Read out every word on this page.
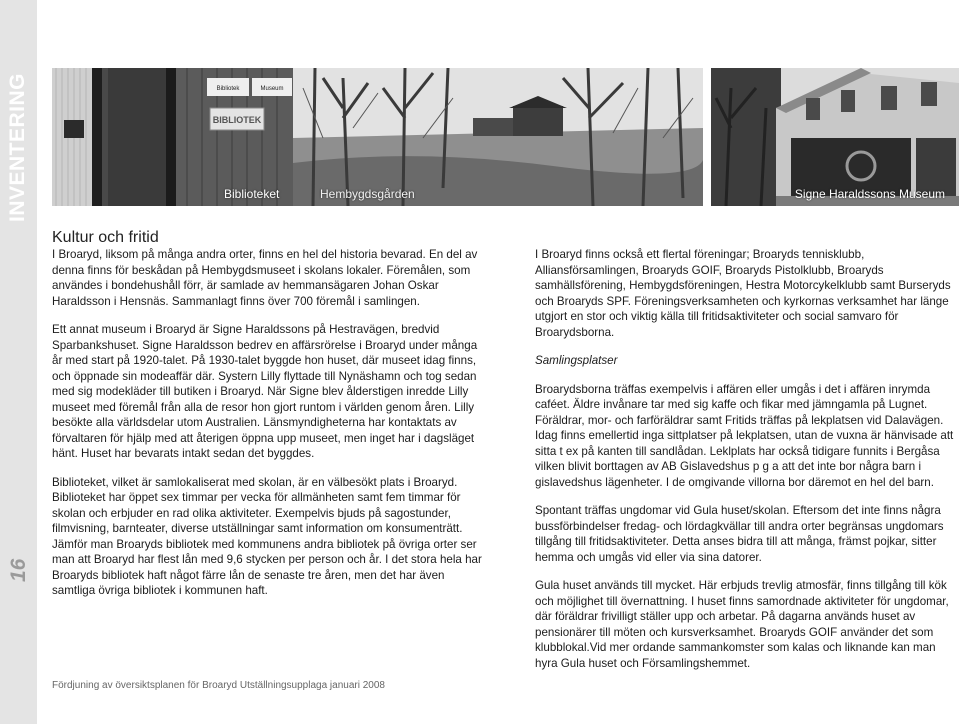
INVENTERING
16
Bibliotek	Museum
BIBLIOTEK
Biblioteket	Hembygdsgården	Signe Haraldssons Museum
Kultur och fritid

I Broaryd, liksom på många andra orter, finns en hel del historia bevarad. En del av denna finns för beskådan på Hembygdsmuseet i skolans lokaler. Föremålen, som användes i bondehushåll förr, är samlade av hemmansägaren Johan Oskar Haraldsson i Hensnäs. Sammanlagt finns över 700 föremål i samlingen.

Ett annat museum i Broaryd är Signe Haraldssons på Hestravägen, bredvid Sparbankshuset. Signe Haraldsson bedrev en affärsrörelse i Broaryd under många år med start på 1920-talet. På 1930-talet byggde hon huset, där museet idag finns, och öppnade sin modeaffär där. Systern Lilly flyttade till Nynäshamn och tog sedan med sig modekläder till butiken i Broaryd. När Signe blev ålderstigen inredde Lilly museet med föremål från alla de resor hon gjort runtom i världen genom åren. Lilly besökte alla världsdelar utom Australien. Länsmyndigheterna har kontaktats av förvaltaren för hjälp med att återigen öppna upp museet, men inget har i dagsläget hänt. Huset har bevarats intakt sedan det byggdes.

Biblioteket, vilket är samlokaliserat med skolan, är en välbesökt plats i Broaryd. Biblioteket har öppet sex timmar per vecka för allmänheten samt fem timmar för skolan och erbjuder en rad olika aktiviteter. Exempelvis bjuds på sagostunder, filmvisning, barnteater, diverse utställningar samt information om konsumenträtt. Jämför man Broaryds bibliotek med kommunens andra bibliotek på övriga orter ser man att Broaryd har flest lån med 9,6 stycken per person och år. I det stora hela har Broaryds bibliotek haft något färre lån de senaste tre åren, men det har även samtliga övriga bibliotek i kommunen haft.

I Broaryd finns också ett flertal föreningar; Broaryds tennisklubb, Alliansförsamlingen, Broaryds GOIF, Broaryds Pistolklubb, Broaryds samhällsförening, Hembygdsföreningen, Hestra Motorcykelklubb samt Burseryds och Broaryds SPF. Föreningsverksamheten och kyrkornas verksamhet har länge utgjort en stor och viktig källa till fritidsaktiviteter och social samvaro för Broarydsborna.

Samlingsplatser

Broarydsborna träffas exempelvis i affären eller umgås i det i affären inrymda caféet. Äldre invånare tar med sig kaffe och fikar med jämngamla på Lugnet. Föräldrar, mor- och farföräldrar samt Fritids träffas på lekplatsen vid Dalavägen. Idag finns emellertid inga sittplatser på lekplatsen, utan de vuxna är hänvisade att sitta t ex på kanten till sandlådan. Leklplats har också tidigare funnits i Bergåsa vilken blivit borttagen av AB Gislavedshus p g a att det inte bor några barn i gislavedshus lägenheter. I de omgivande villorna bor däremot en hel del barn.

Spontant träffas ungdomar vid Gula huset/skolan. Eftersom det inte finns några bussförbindelser fredag- och lördagkvällar till andra orter begränsas ungdomars tillgång till fritidsaktiviteter. Detta anses bidra till att många, främst pojkar, sitter hemma och umgås vid eller via sina datorer.

Gula huset används till mycket. Här erbjuds trevlig atmosfär, finns tillgång till kök och möjlighet till övernattning. I huset finns samordnade aktiviteter för ungdomar, där föräldrar frivilligt ställer upp och arbetar. På dagarna används huset av pensionärer till möten och kursverksamhet. Broaryds GOIF använder det som klubblokal.Vid mer ordande sammankomster som kalas och liknande kan man hyra Gula huset och Församlingshemmet.

Fördjuning av översiktsplanen för Broaryd Utställningsupplaga januari 2008
